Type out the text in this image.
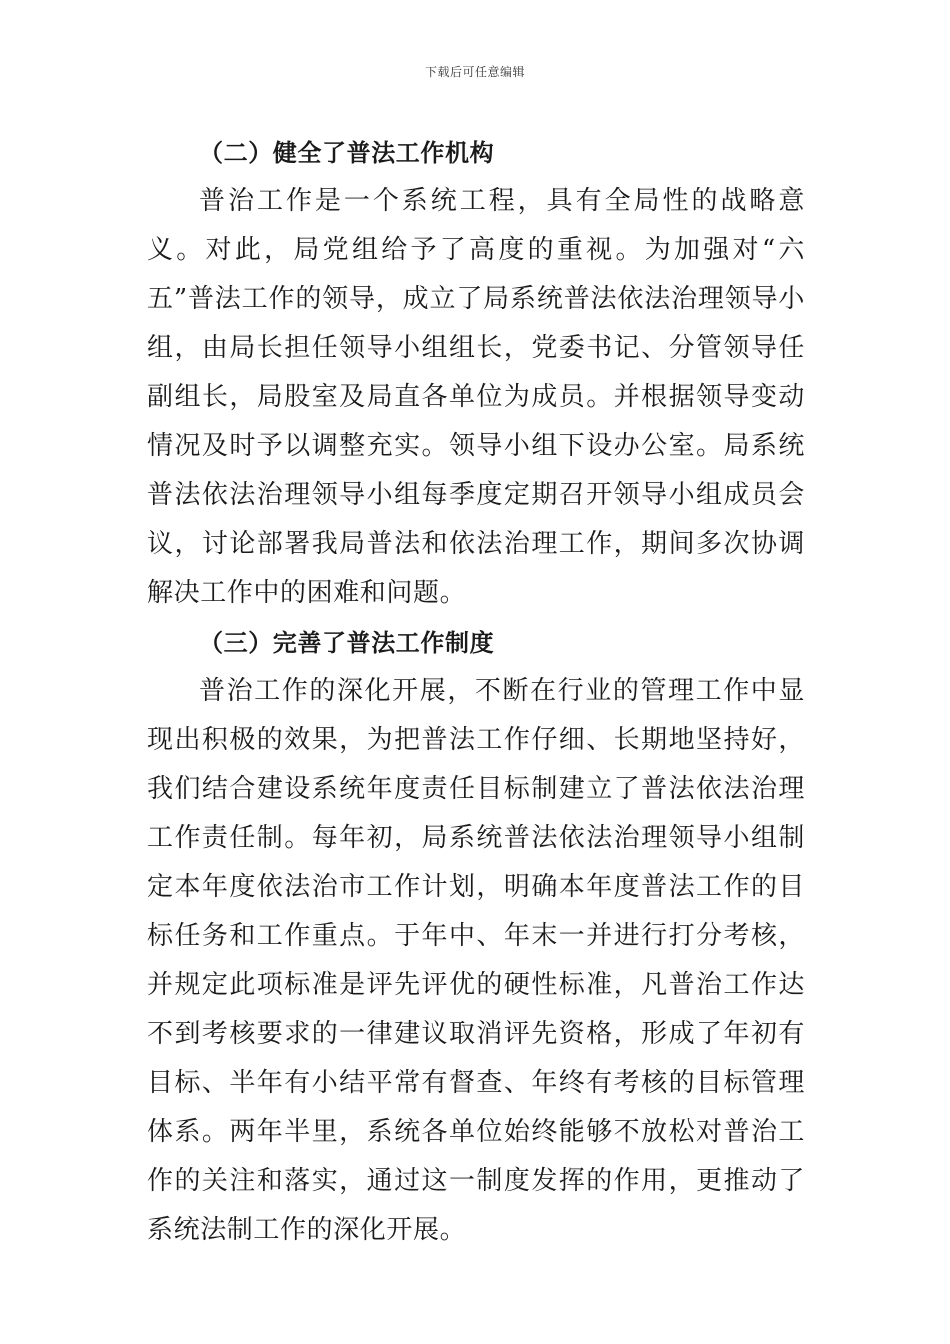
下载后可任意编辑
（二）健全了普法工作机构

普治工作是一个系统工程，具有全局性的战略意义。对此，局党组给予了高度的重视。为加强对“六五”普法工作的领导，成立了局系统普法依法治理领导小组，由局长担任领导小组组长，党委书记、分管领导任副组长，局股室及局直各单位为成员。并根据领导变动情况及时予以调整充实。领导小组下设办公室。局系统普法依法治理领导小组每季度定期召开领导小组成员会议，讨论部署我局普法和依法治理工作，期间多次协调解决工作中的困难和问题。

（三）完善了普法工作制度

普治工作的深化开展，不断在行业的管理工作中显现出积极的效果，为把普法工作仔细、长期地坚持好，我们结合建设系统年度责任目标制建立了普法依法治理工作责任制。每年初，局系统普法依法治理领导小组制定本年度依法治市工作计划，明确本年度普法工作的目标任务和工作重点。于年中、年末一并进行打分考核，并规定此项标准是评先评优的硬性标准，凡普治工作达不到考核要求的一律建议取消评先资格，形成了年初有目标、半年有小结平常有督查、年终有考核的目标管理体系。两年半里，系统各单位始终能够不放松对普治工作的关注和落实，通过这一制度发挥的作用，更推动了系统法制工作的深化开展。
